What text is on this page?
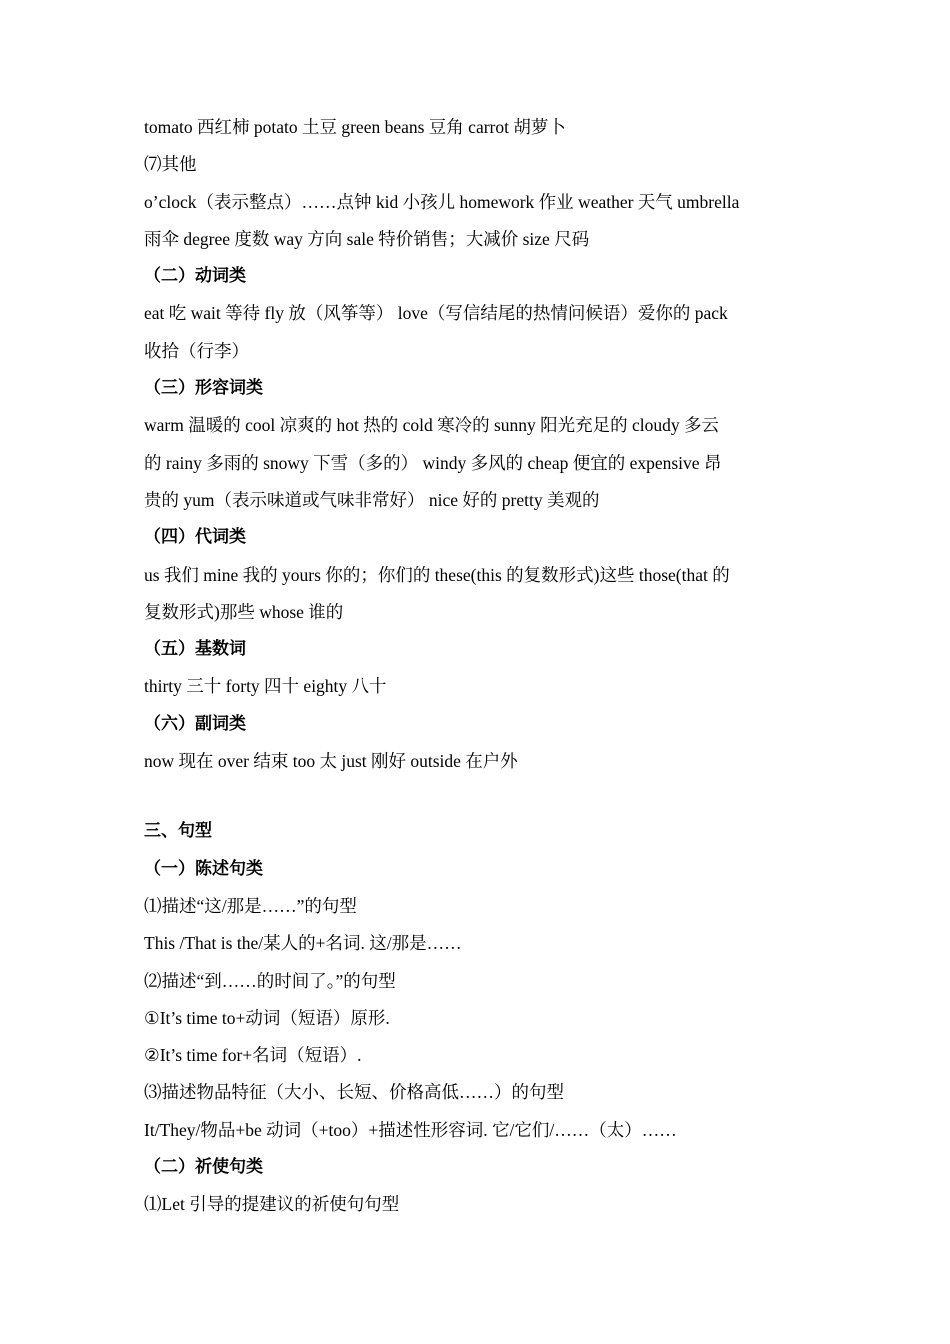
tomato 西红柿 potato 土豆 green beans 豆角 carrot 胡萝卜
⑺其他
o’clock（表示整点）……点钟 kid 小孩儿 homework 作业 weather 天气 umbrella
雨伞 degree 度数 way 方向 sale 特价销售；大减价 size 尺码
（二）动词类
eat 吃 wait 等待 fly 放（风筝等） love（写信结尾的热情问候语）爱你的 pack
收拾（行李）
（三）形容词类
warm 温暖的 cool 凉爽的 hot 热的 cold 寒冷的 sunny 阳光充足的 cloudy 多云
的 rainy 多雨的 snowy 下雪（多的） windy 多风的 cheap 便宜的 expensive 昂
贵的 yum（表示味道或气味非常好） nice 好的 pretty 美观的
（四）代词类
us 我们 mine 我的 yours 你的；你们的 these(this 的复数形式)这些 those(that 的
复数形式)那些 whose 谁的
（五）基数词
thirty 三十 forty 四十 eighty 八十
（六）副词类
now 现在 over 结束 too 太 just 刚好 outside 在户外
三、句型
（一）陈述句类
⑴描述“这/那是……”的句型
This /That is the/某人的+名词. 这/那是……
⑵描述“到……的时间了。”的句型
①It’s time to+动词（短语）原形.
②It’s time for+名词（短语）.
⑶描述物品特征（大小、长短、价格高低……）的句型
It/They/物品+be 动词（+too）+描述性形容词. 它/它们/……（太）……
（二）祈使句类
⑴Let 引导的提建议的祈使句句型
